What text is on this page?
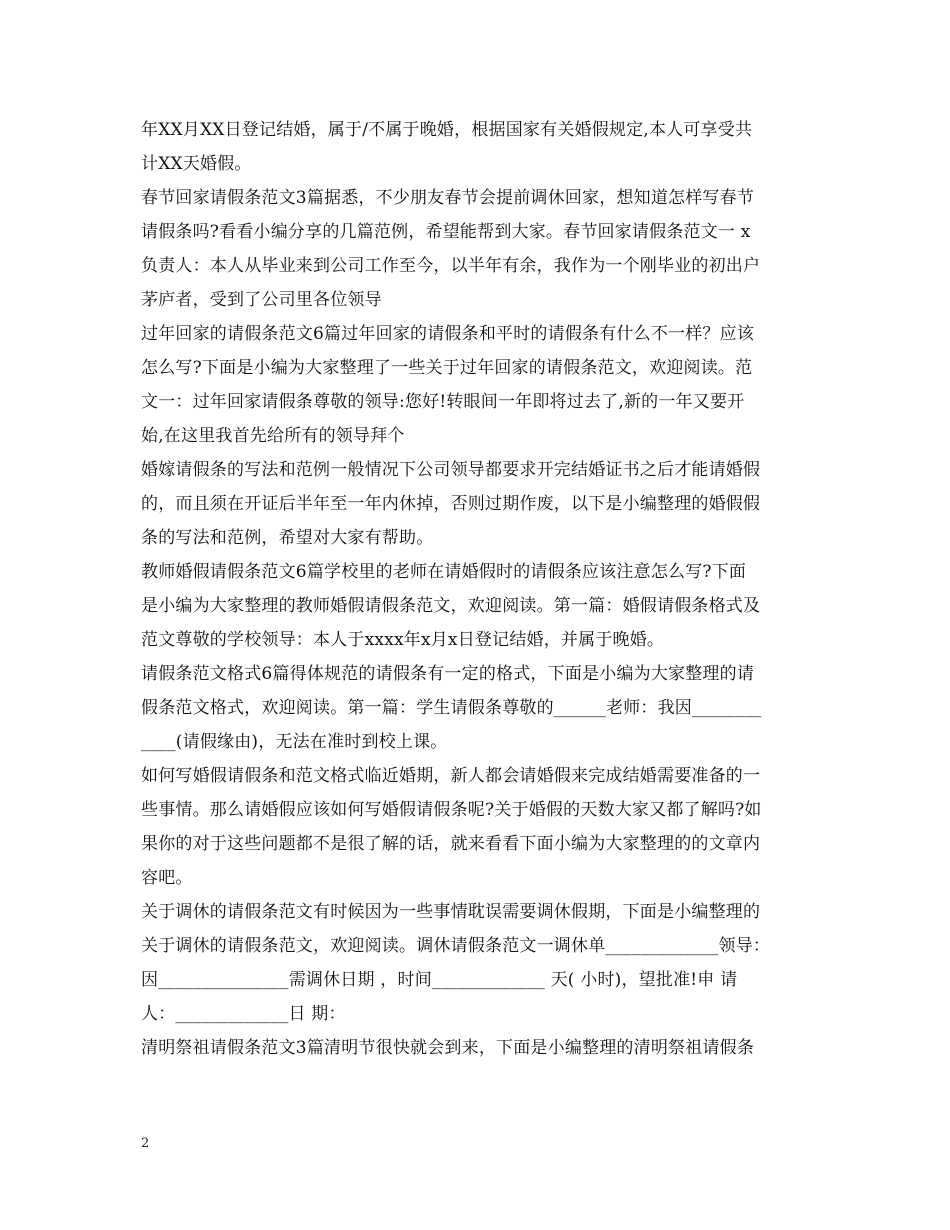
年XX月XX日登记结婚，属于/不属于晚婚，根据国家有关婚假规定,本人可享受共
计XX天婚假。
春节回家请假条范文3篇据悉，不少朋友春节会提前调休回家，想知道怎样写春节
请假条吗?看看小编分享的几篇范例，希望能帮到大家。春节回家请假条范文一 x
负责人：本人从毕业来到公司工作至今，以半年有余，我作为一个刚毕业的初出户
茅庐者，受到了公司里各位领导
过年回家的请假条范文6篇过年回家的请假条和平时的请假条有什么不一样？应该
怎么写?下面是小编为大家整理了一些关于过年回家的请假条范文，欢迎阅读。范
文一：过年回家请假条尊敬的领导:您好!转眼间一年即将过去了,新的一年又要开
始,在这里我首先给所有的领导拜个
婚嫁请假条的写法和范例一般情况下公司领导都要求开完结婚证书之后才能请婚假
的，而且须在开证后半年至一年内休掉，否则过期作废，以下是小编整理的婚假假
条的写法和范例，希望对大家有帮助。
教师婚假请假条范文6篇学校里的老师在请婚假时的请假条应该注意怎么写?下面
是小编为大家整理的教师婚假请假条范文，欢迎阅读。第一篇：婚假请假条格式及
范文尊敬的学校领导：本人于xxxx年x月x日登记结婚，并属于晚婚。
请假条范文格式6篇得体规范的请假条有一定的格式，下面是小编为大家整理的请
假条范文格式，欢迎阅读。第一篇：学生请假条尊敬的______老师：我因________
____(请假缘由)，无法在准时到校上课。
如何写婚假请假条和范文格式临近婚期，新人都会请婚假来完成结婚需要准备的一
些事情。那么请婚假应该如何写婚假请假条呢?关于婚假的天数大家又都了解吗?如
果你的对于这些问题都不是很了解的话，就来看看下面小编为大家整理的的文章内
容吧。
关于调休的请假条范文有时候因为一些事情耽误需要调休假期，下面是小编整理的
关于调休的请假条范文，欢迎阅读。调休请假条范文一调休单_____________领导：
因_______________需调休日期 ，时间_____________ 天( 小时)，望批准!申 请
人：_____________日 期：
清明祭祖请假条范文3篇清明节很快就会到来，下面是小编整理的清明祭祖请假条
2
